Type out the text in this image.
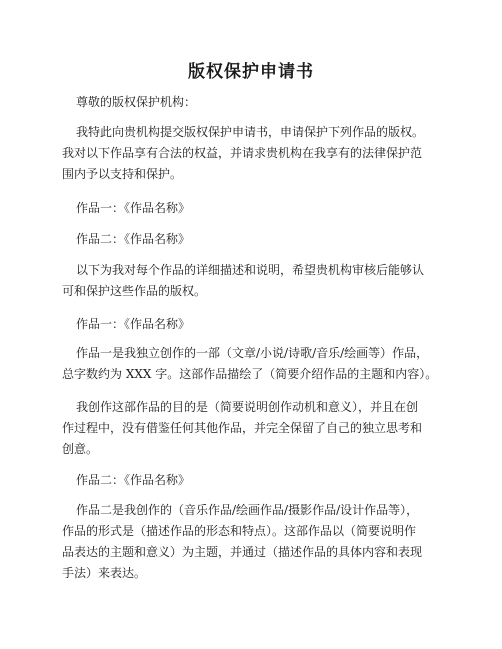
版权保护申请书
尊敬的版权保护机构：
我特此向贵机构提交版权保护申请书，申请保护下列作品的版权。
我对以下作品享有合法的权益，并请求贵机构在我享有的法律保护范
围内予以支持和保护。
作品一：《作品名称》
作品二：《作品名称》
以下为我对每个作品的详细描述和说明，希望贵机构审核后能够认
可和保护这些作品的版权。
作品一：《作品名称》
作品一是我独立创作的一部（文章/小说/诗歌/音乐/绘画等）作品，
总字数约为 XXX 字。这部作品描绘了（简要介绍作品的主题和内容）。
我创作这部作品的目的是（简要说明创作动机和意义），并且在创
作过程中，没有借鉴任何其他作品，并完全保留了自己的独立思考和
创意。
作品二：《作品名称》
作品二是我创作的（音乐作品/绘画作品/摄影作品/设计作品等），
作品的形式是（描述作品的形态和特点）。这部作品以（简要说明作
品表达的主题和意义）为主题，并通过（描述作品的具体内容和表现
手法）来表达。
